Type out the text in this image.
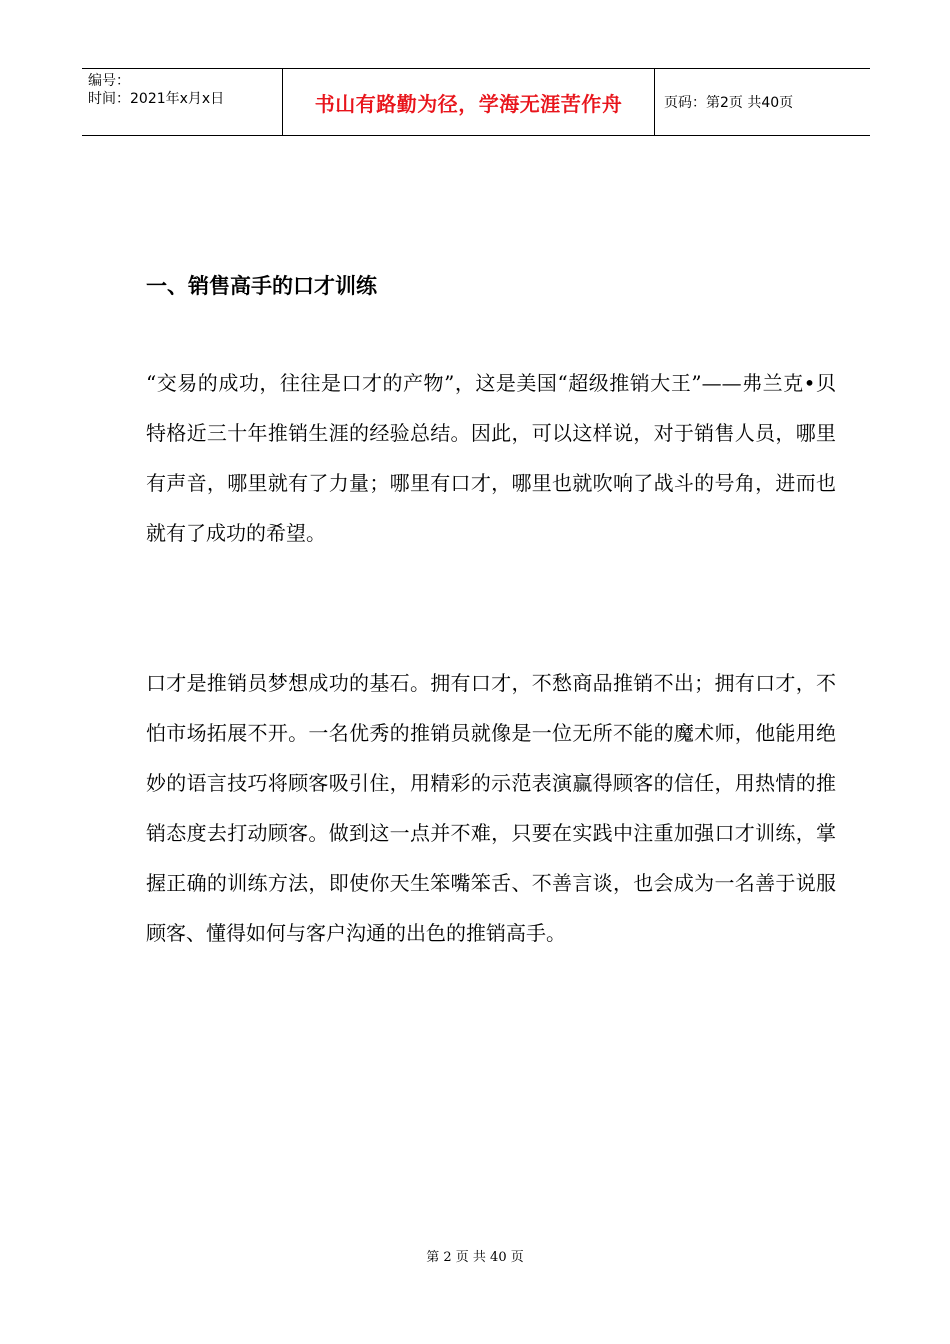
编号：
时间：2021年x月x日	书山有路勤为径，学海无涯苦作舟	页码：第2页 共40页
一、销售高手的口才训练

“交易的成功，往往是口才的产物”，这是美国“超级推销大王”——弗兰克•贝特格近三十年推销生涯的经验总结。因此，可以这样说，对于销售人员，哪里有声音，哪里就有了力量；哪里有口才，哪里也就吹响了战斗的号角，进而也就有了成功的希望。

口才是推销员梦想成功的基石。拥有口才，不愁商品推销不出；拥有口才，不怕市场拓展不开。一名优秀的推销员就像是一位无所不能的魔术师，他能用绝妙的语言技巧将顾客吸引住，用精彩的示范表演赢得顾客的信任，用热情的推销态度去打动顾客。做到这一点并不难，只要在实践中注重加强口才训练，掌握正确的训练方法，即使你天生笨嘴笨舌、不善言谈，也会成为一名善于说服顾客、懂得如何与客户沟通的出色的推销高手。

第 2 页 共 40 页
